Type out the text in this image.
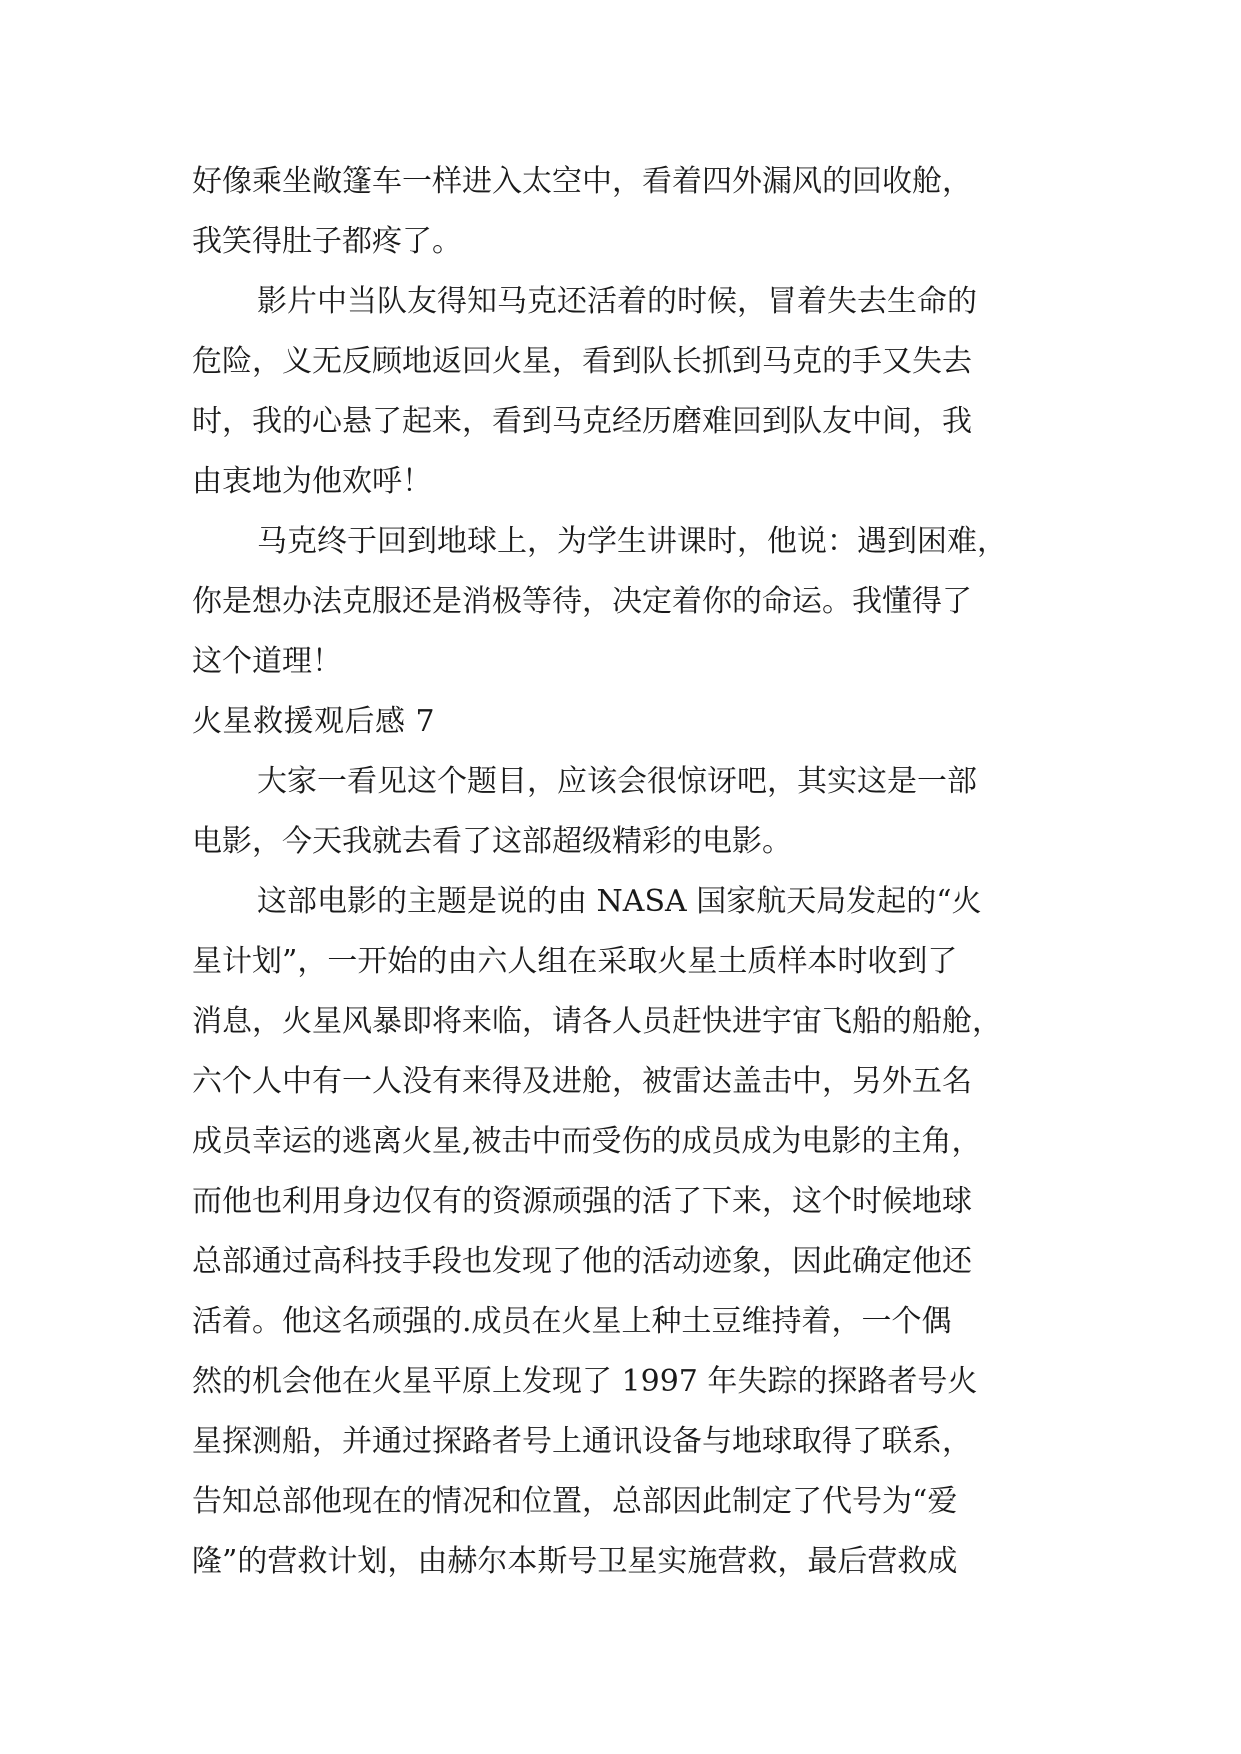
好像乘坐敞篷车一样进入太空中，看着四外漏风的回收舱，
我笑得肚子都疼了。
影片中当队友得知马克还活着的时候，冒着失去生命的
危险，义无反顾地返回火星，看到队长抓到马克的手又失去
时，我的心悬了起来，看到马克经历磨难回到队友中间，我
由衷地为他欢呼！
马克终于回到地球上，为学生讲课时，他说：遇到困难，
你是想办法克服还是消极等待，决定着你的命运。我懂得了
这个道理！
火星救援观后感 7
大家一看见这个题目，应该会很惊讶吧，其实这是一部
电影，今天我就去看了这部超级精彩的电影。
这部电影的主题是说的由 NASA 国家航天局发起的“火
星计划”，一开始的由六人组在采取火星土质样本时收到了
消息，火星风暴即将来临，请各人员赶快进宇宙飞船的船舱，
六个人中有一人没有来得及进舱，被雷达盖击中，另外五名
成员幸运的逃离火星,被击中而受伤的成员成为电影的主角，
而他也利用身边仅有的资源顽强的活了下来，这个时候地球
总部通过高科技手段也发现了他的活动迹象，因此确定他还
活着。他这名顽强的.成员在火星上种土豆维持着，一个偶
然的机会他在火星平原上发现了 1997 年失踪的探路者号火
星探测船，并通过探路者号上通讯设备与地球取得了联系，
告知总部他现在的情况和位置，总部因此制定了代号为“爱
隆”的营救计划，由赫尔本斯号卫星实施营救，最后营救成
